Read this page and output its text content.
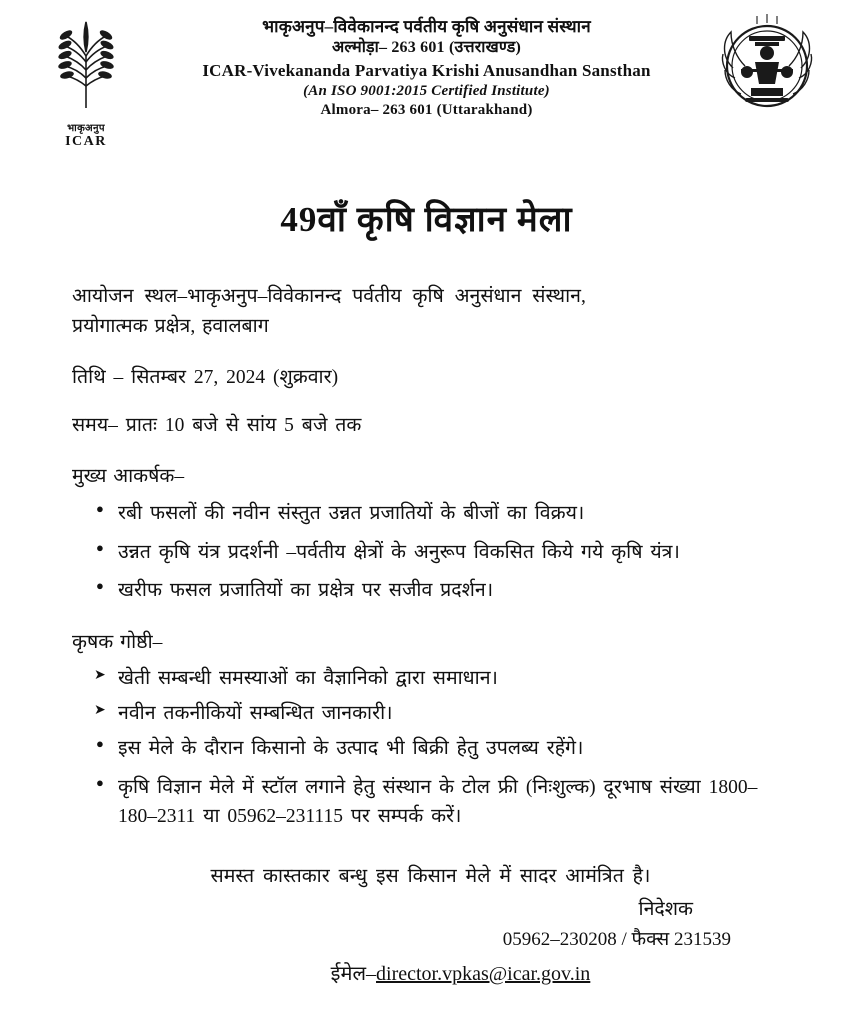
भाकृअनुप
ICAR
भाकृअनुप–विवेकानन्द पर्वतीय कृषि अनुसंधान संस्थान
अल्मोड़ा– 263 601 (उत्तराखण्ड)
ICAR-Vivekananda Parvatiya Krishi Anusandhan Sansthan
(An ISO 9001:2015 Certified Institute)
Almora– 263 601 (Uttarakhand)
49वाँ कृषि विज्ञान मेला
आयोजन स्थल–भाकृअनुप–विवेकानन्द पर्वतीय कृषि अनुसंधान संस्थान,
प्रयोगात्मक प्रक्षेत्र, हवालबाग
तिथि – सितम्बर 27, 2024 (शुक्रवार)
समय– प्रातः 10 बजे से सांय 5 बजे तक
मुख्य आकर्षक–
● रबी फसलों की नवीन संस्तुत उन्नत प्रजातियों के बीजों का विक्रय।
● उन्नत कृषि यंत्र प्रदर्शनी –पर्वतीय क्षेत्रों के अनुरूप विकसित किये गये कृषि यंत्र।
● खरीफ फसल प्रजातियों का प्रक्षेत्र पर सजीव प्रदर्शन।
कृषक गोष्ठी–
➤ खेती सम्बन्धी समस्याओं का वैज्ञानिको द्वारा समाधान।
➤ नवीन तकनीकियों सम्बन्धित जानकारी।
● इस मेले के दौरान किसानो के उत्पाद भी बिक्री हेतु उपलब्य रहेंगे।
● कृषि विज्ञान मेले में स्टॉल लगाने हेतु संस्थान के टोल फ्री (निःशुल्क) दूरभाष संख्या 1800–180–2311 या 05962–231115 पर सम्पर्क करें।
समस्त कास्तकार बन्धु इस किसान मेले में सादर आमंत्रित है।
निदेशक
05962–230208 / फैक्स 231539
ईमेल–director.vpkas@icar.gov.in
